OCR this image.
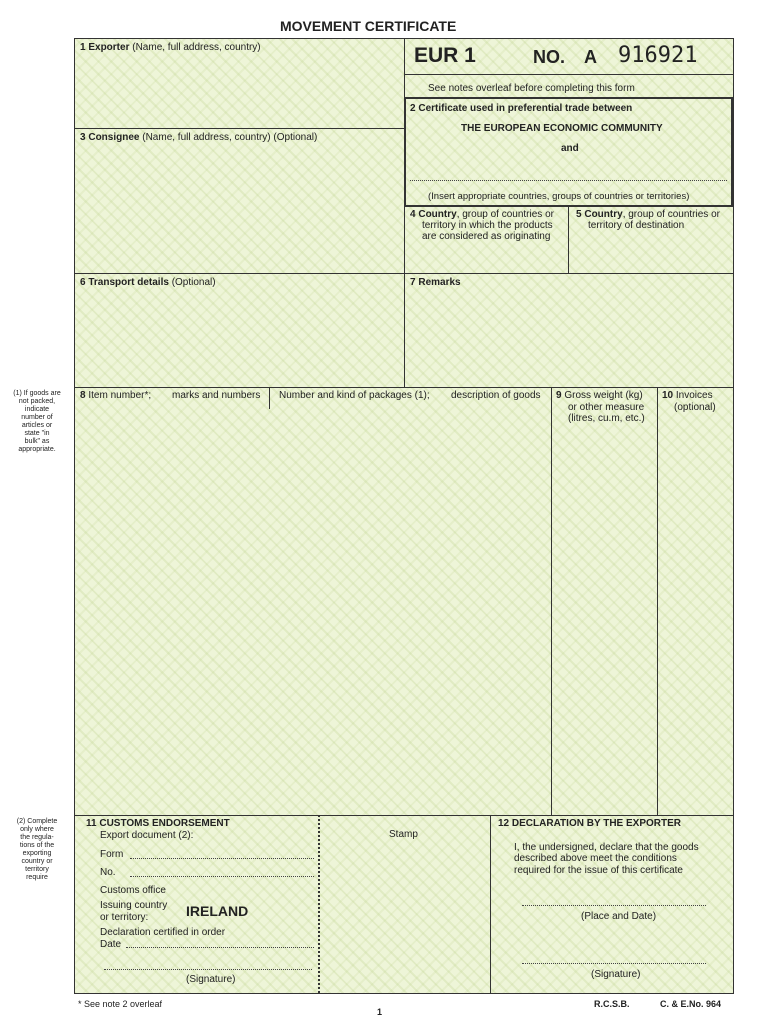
MOVEMENT CERTIFICATE
1 Exporter (Name, full address, country)	EUR 1	NO. A 916921
See notes overleaf before completing this form
2 Certificate used in preferential trade between
THE EUROPEAN ECONOMIC COMMUNITY
and
(Insert appropriate countries, groups of countries or territories)
3 Consignee (Name, full address, country) (Optional)
4 Country, group of countries or
territory in which the products
are considered as originating
5 Country, group of countries or
territory of destination
6 Transport details (Optional)	7 Remarks
8 Item number*; marks and numbers Number and kind of packages (1); description of goods 9 Gross weight (kg)
or other measure
(litres, cu.m, etc.)
10 Invoices
(optional)
(1) If goods are
not packed,
indicate
number of
articles or
state "in
bulk" as
appropriate.
(2) Complete
only where
the regula-
tions of the
exporting
country or
territory
require
11 CUSTOMS ENDORSEMENT
Export document (2):
Form
No.
Customs office
Issuing country
or territory:	IRELAND
Declaration certified in order
Date
(Signature)
Stamp
12 DECLARATION BY THE EXPORTER
I, the undersigned, declare that the goods
described above meet the conditions
required for the issue of this certificate
(Place and Date)
(Signature)
* See note 2 overleaf	R.C.S.B.	C. & E.No. 964
1
